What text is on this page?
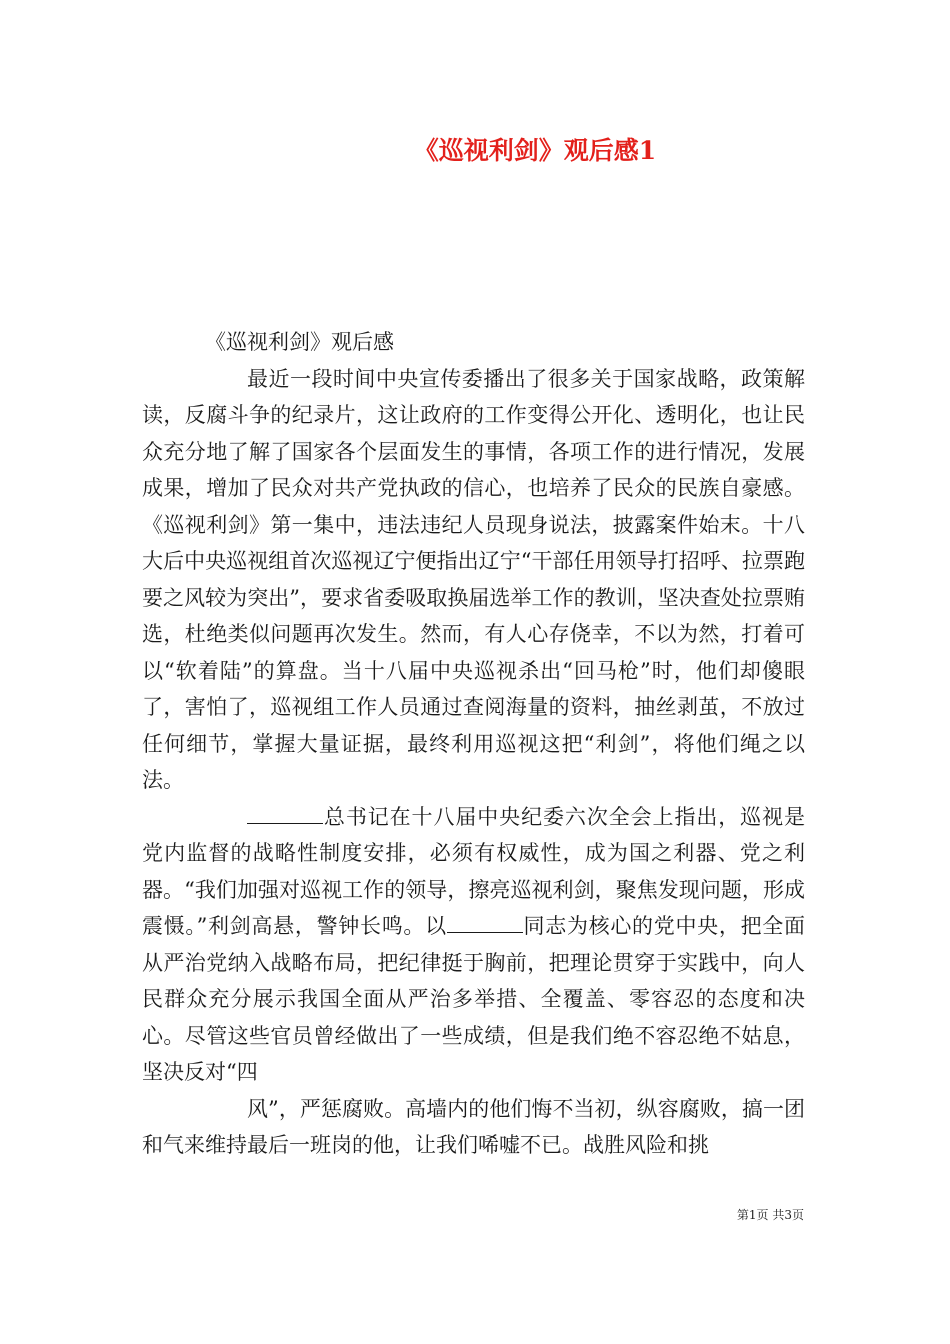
《巡视利剑》观后感1

《巡视利剑》观后感

最近一段时间中央宣传委播出了很多关于国家战略，政策解读，反腐斗争的纪录片，这让政府的工作变得公开化、透明化，也让民众充分地了解了国家各个层面发生的事情，各项工作的进行情况，发展成果，增加了民众对共产党执政的信心，也培养了民众的民族自豪感。《巡视利剑》第一集中，违法违纪人员现身说法，披露案件始末。十八大后中央巡视组首次巡视辽宁便指出辽宁“干部任用领导打招呼、拉票跑要之风较为突出”，要求省委吸取换届选举工作的教训，坚决查处拉票贿选，杜绝类似问题再次发生。然而，有人心存侥幸，不以为然，打着可以“软着陆”的算盘。当十八届中央巡视杀出“回马枪”时，他们却傻眼了，害怕了，巡视组工作人员通过查阅海量的资料，抽丝剥茧，不放过任何细节，掌握大量证据，最终利用巡视这把“利剑”，将他们绳之以法。

总书记在十八届中央纪委六次全会上指出，巡视是党内监督的战略性制度安排，必须有权威性，成为国之利器、党之利器。“我们加强对巡视工作的领导，擦亮巡视利剑，聚焦发现问题，形成震慑。”利剑高悬，警钟长鸣。以	同志为核心的党中央，把全面从严治党纳入战略布局，把纪律挺于胸前，把理论贯穿于实践中，向人民群众充分展示我国全面从严治多举措、全覆盖、零容忍的态度和决心。尽管这些官员曾经做出了一些成绩，但是我们绝不容忍绝不姑息，坚决反对“四

风”，严惩腐败。高墙内的他们悔不当初，纵容腐败，搞一团和气来维持最后一班岗的他，让我们唏嘘不已。战胜风险和挑

第1页 共3页
